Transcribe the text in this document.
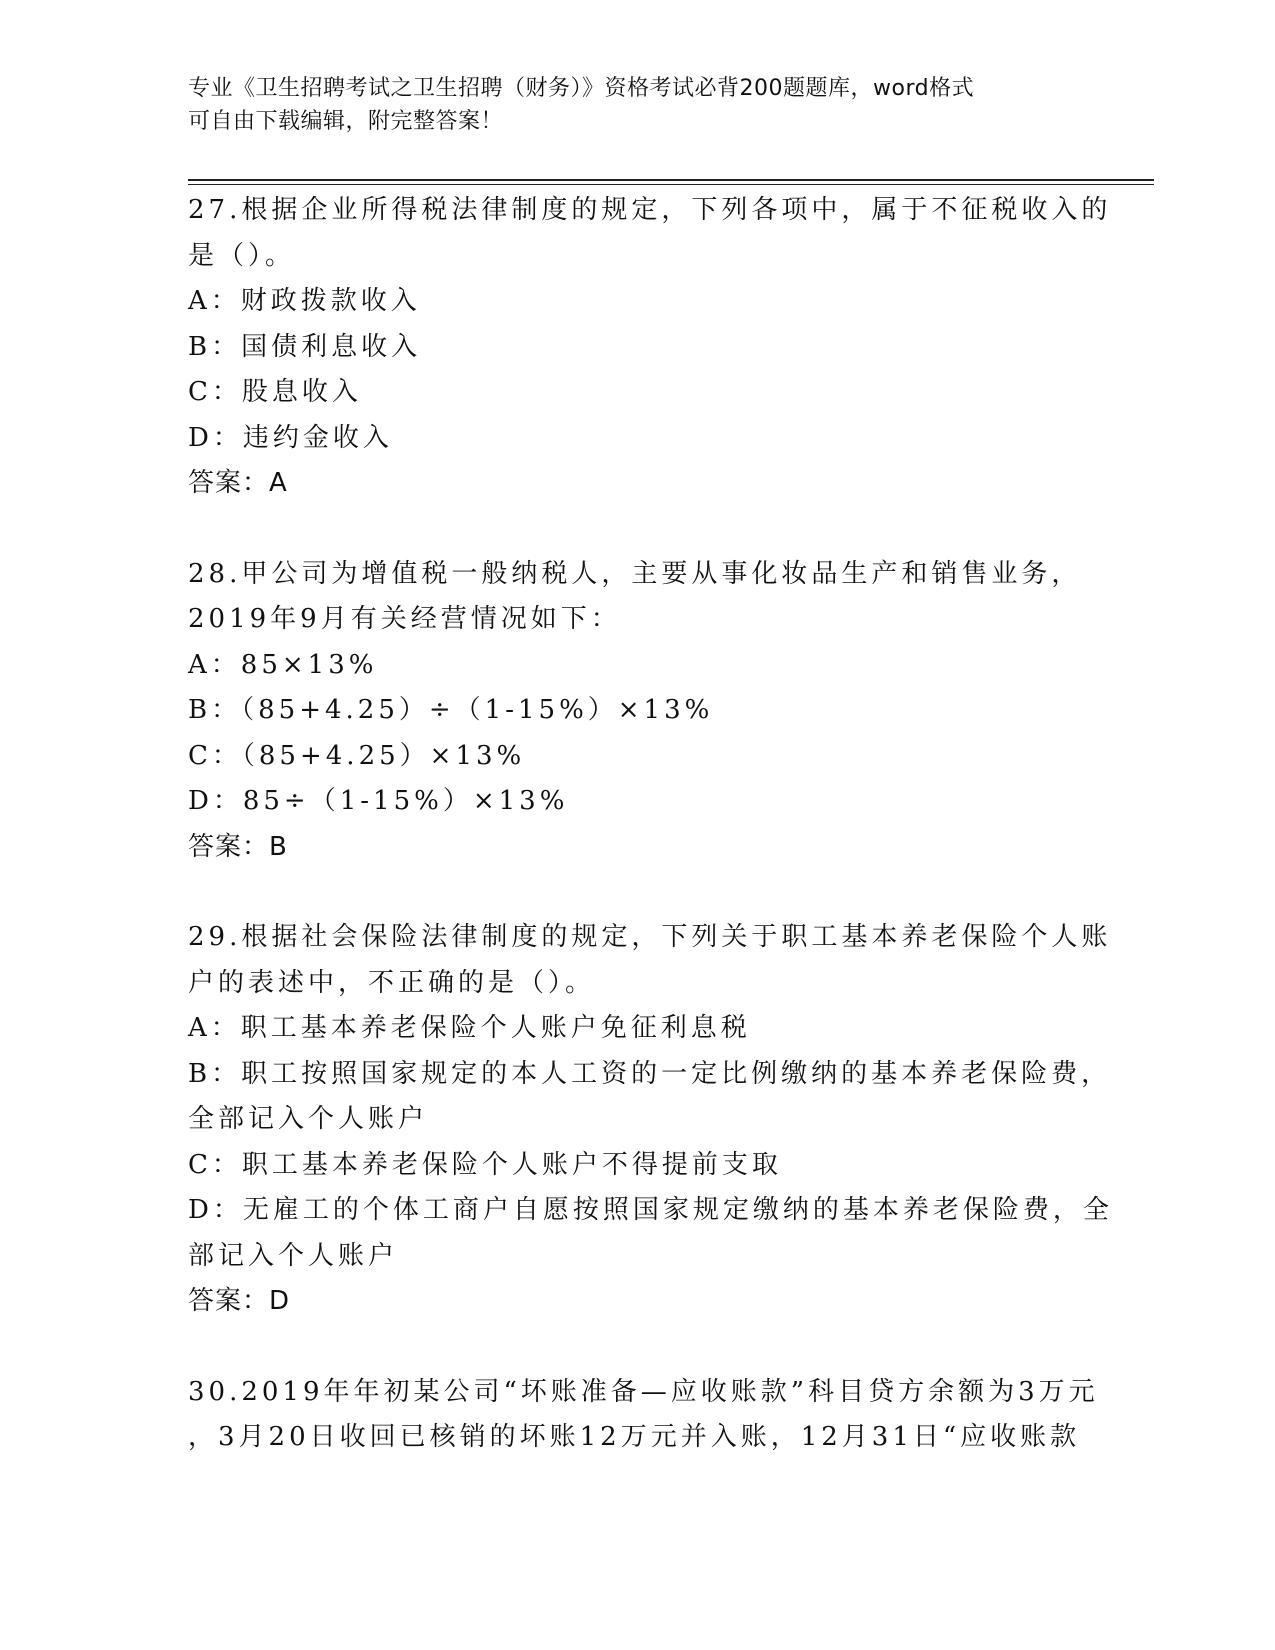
专业《卫生招聘考试之卫生招聘（财务）》资格考试必背200题题库，word格式
可自由下载编辑，附完整答案！
27.根据企业所得税法律制度的规定，下列各项中，属于不征税收入的
是（）。
A：财政拨款收入
B：国债利息收入
C：股息收入
D：违约金收入
答案：A
28.甲公司为增值税一般纳税人，主要从事化妆品生产和销售业务，
2019年9月有关经营情况如下：
A：85×13%
B：（85+4.25）÷（1-15%）×13%
C：（85+4.25）×13%
D：85÷（1-15%）×13%
答案：B
29.根据社会保险法律制度的规定，下列关于职工基本养老保险个人账
户的表述中，不正确的是（）。
A：职工基本养老保险个人账户免征利息税
B：职工按照国家规定的本人工资的一定比例缴纳的基本养老保险费，
全部记入个人账户
C：职工基本养老保险个人账户不得提前支取
D：无雇工的个体工商户自愿按照国家规定缴纳的基本养老保险费，全
部记入个人账户
答案：D
30.2019年年初某公司“坏账准备—应收账款”科目贷方余额为3万元
，3月20日收回已核销的坏账12万元并入账，12月31日“应收账款
